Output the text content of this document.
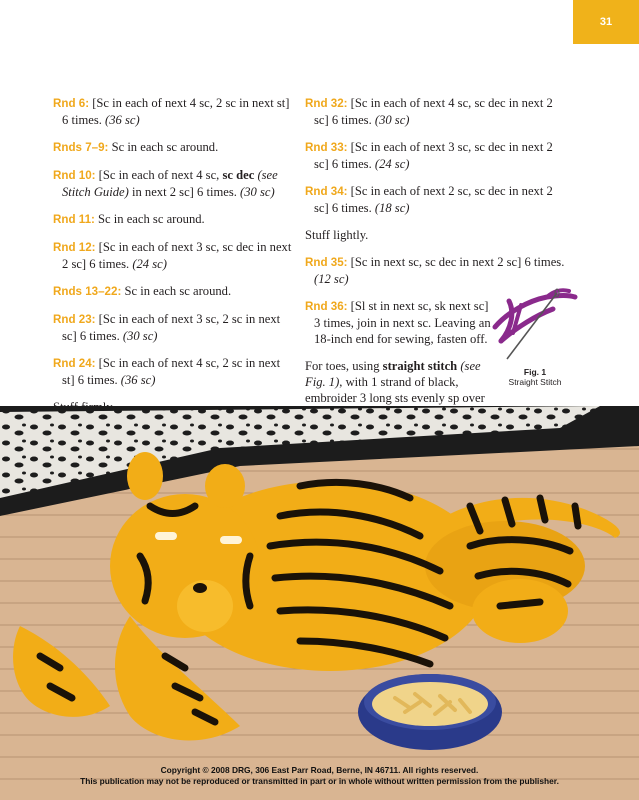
31
Rnd 6: [Sc in each of next 4 sc, 2 sc in next st] 6 times. (36 sc)
Rnds 7–9: Sc in each sc around.
Rnd 10: [Sc in each of next 4 sc, sc dec (see Stitch Guide) in next 2 sc] 6 times. (30 sc)
Rnd 11: Sc in each sc around.
Rnd 12: [Sc in each of next 3 sc, sc dec in next 2 sc] 6 times. (24 sc)
Rnds 13–22: Sc in each sc around.
Rnd 23: [Sc in each of next 3 sc, 2 sc in next sc] 6 times. (30 sc)
Rnd 24: [Sc in each of next 4 sc, 2 sc in next st] 6 times. (36 sc)
Rnd 32: [Sc in each of next 4 sc, sc dec in next 2 sc] 6 times. (30 sc)
Rnd 33: [Sc in each of next 3 sc, sc dec in next 2 sc] 6 times. (24 sc)
Rnd 34: [Sc in each of next 2 sc, sc dec in next 2 sc] 6 times. (18 sc)
Stuff lightly.
Rnd 35: [Sc in next sc, sc dec in next 2 sc] 6 times. (12 sc)
Rnd 36: [Sl st in next sc, sk next sc] 3 times, join in next sc. Leaving an 18-inch end for sewing, fasten off.
For toes, using straight stitch (see Fig. 1), with 1 strand of black, embroider 3 long sts evenly sp over
Fig. 1
Straight Stitch
Copyright © 2008 DRG, 306 East Parr Road, Berne, IN 46711. All rights reserved.
This publication may not be reproduced or transmitted in part or in whole without written permission from the publisher.
